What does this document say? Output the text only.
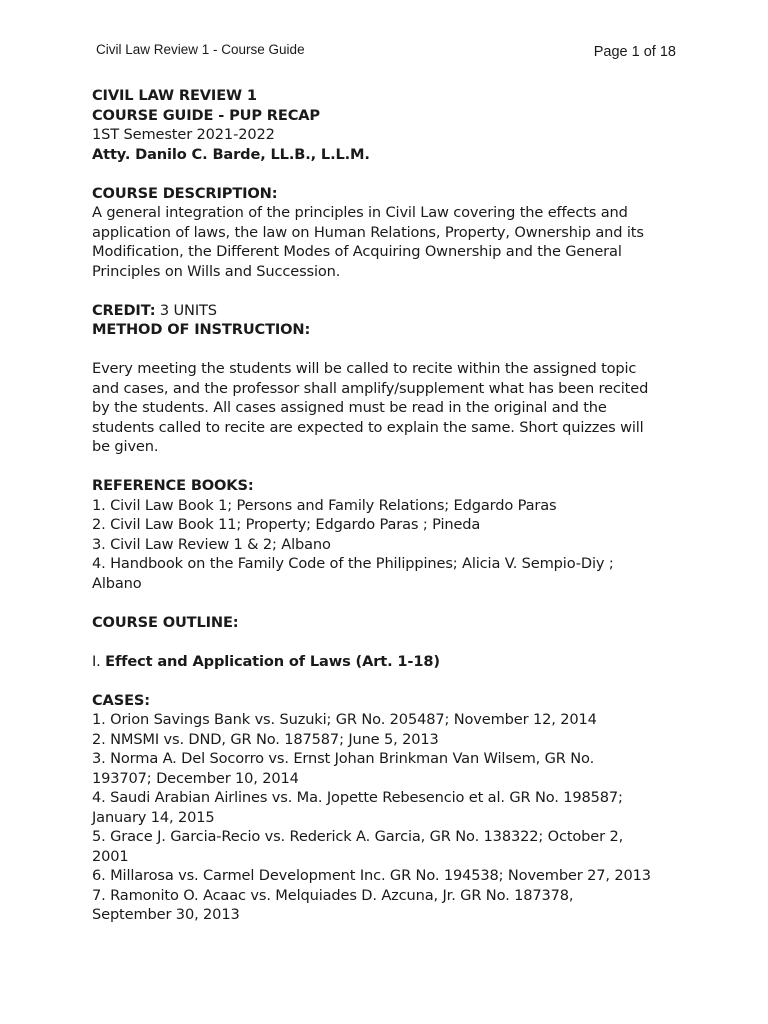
Civil Law Review 1 - Course Guide	Page 1 of 18

CIVIL LAW REVIEW 1

COURSE GUIDE - PUP RECAP

1ST Semester 2021-2022

Atty. Danilo C. Barde, LL.B., L.L.M.

COURSE DESCRIPTION:

A general integration of the principles in Civil Law covering the effects and

application of laws, the law on Human Relations, Property, Ownership and its

Modification, the Different Modes of Acquiring Ownership and the General

Principles on Wills and Succession.

CREDIT: 3 UNITS

METHOD OF INSTRUCTION:

Every meeting the students will be called to recite within the assigned topic

and cases, and the professor shall amplify/supplement what has been recited

by the students. All cases assigned must be read in the original and the

students called to recite are expected to explain the same. Short quizzes will

be given.

REFERENCE BOOKS:

1. Civil Law Book 1; Persons and Family Relations; Edgardo Paras

2. Civil Law Book 11; Property; Edgardo Paras ; Pineda

3. Civil Law Review 1 & 2; Albano

4. Handbook on the Family Code of the Philippines; Alicia V. Sempio-Diy ;

Albano

COURSE OUTLINE:

I. Effect and Application of Laws (Art. 1-18)

CASES:

1. Orion Savings Bank vs. Suzuki; GR No. 205487; November 12, 2014

2. NMSMI vs. DND, GR No. 187587; June 5, 2013

3. Norma A. Del Socorro vs. Ernst Johan Brinkman Van Wilsem, GR No.

193707; December 10, 2014

4. Saudi Arabian Airlines vs. Ma. Jopette Rebesencio et al. GR No. 198587;

January 14, 2015

5. Grace J. Garcia-Recio vs. Rederick A. Garcia, GR No. 138322; October 2,

2001

6. Millarosa vs. Carmel Development Inc. GR No. 194538; November 27, 2013

7. Ramonito O. Acaac vs. Melquiades D. Azcuna, Jr. GR No. 187378,

September 30, 2013
